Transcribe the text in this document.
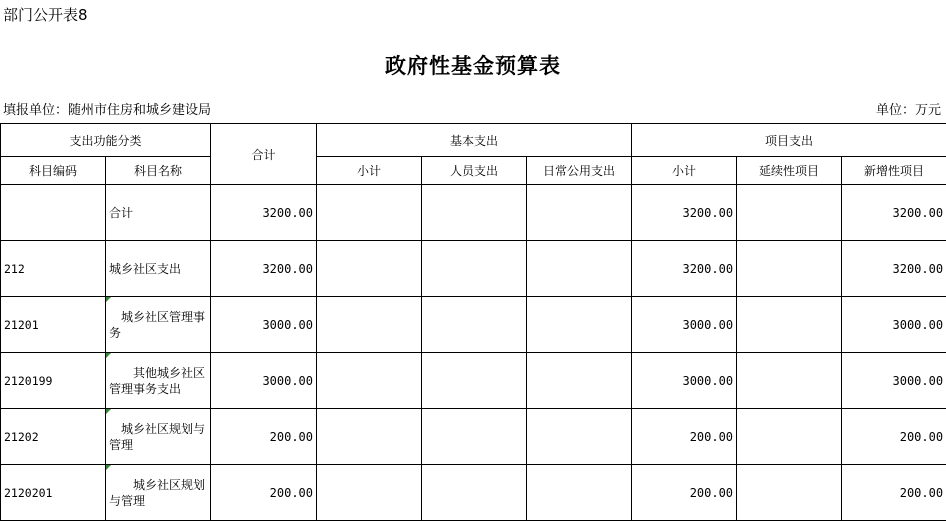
部门公开表8
政府性基金预算表
填报单位：随州市住房和城乡建设局	单位：万元
支出功能分类		合计	基本支出			项目支出		
科目编码	科目名称		小计	人员支出	日常公用支出	小计	延续性项目	新增性项目
	合计	3200.00				3200.00		3200.00
212	城乡社区支出	3200.00				3200.00		3200.00
21201	　城乡社区管理事务	3000.00				3000.00		3000.00
2120199	　　其他城乡社区管理事务支出	3000.00				3000.00		3000.00
21202	　城乡社区规划与管理	200.00				200.00		200.00
2120201	　　城乡社区规划与管理	200.00				200.00		200.00
